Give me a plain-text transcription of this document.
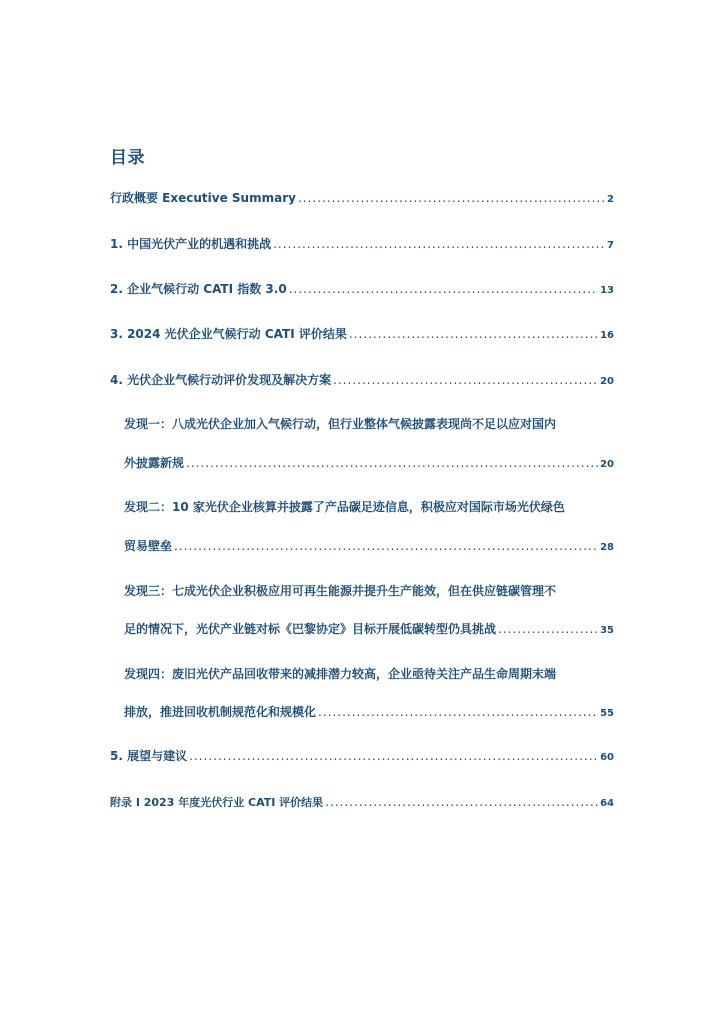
目录
行政概要 Executive Summary .....	2
1. 中国光伏产业的机遇和挑战 .....	7
2. 企业气候行动 CATI 指数 3.0 .....	13
3. 2024 光伏企业气候行动 CATI 评价结果 .....	16
4. 光伏企业气候行动评价发现及解决方案 .....	20
发现一：八成光伏企业加入气候行动，但行业整体气候披露表现尚不足以应对国内
外披露新规 .....	20
发现二：10 家光伏企业核算并披露了产品碳足迹信息，积极应对国际市场光伏绿色
贸易壁垒 .....	28
发现三：七成光伏企业积极应用可再生能源并提升生产能效，但在供应链碳管理不
足的情况下，光伏产业链对标《巴黎协定》目标开展低碳转型仍具挑战 .....	35
发现四：废旧光伏产品回收带来的减排潜力较高，企业亟待关注产品生命周期末端
排放，推进回收机制规范化和规模化 .....	55
5. 展望与建议 .....	60
附录 I 2023 年度光伏行业 CATI 评价结果 .....	64
